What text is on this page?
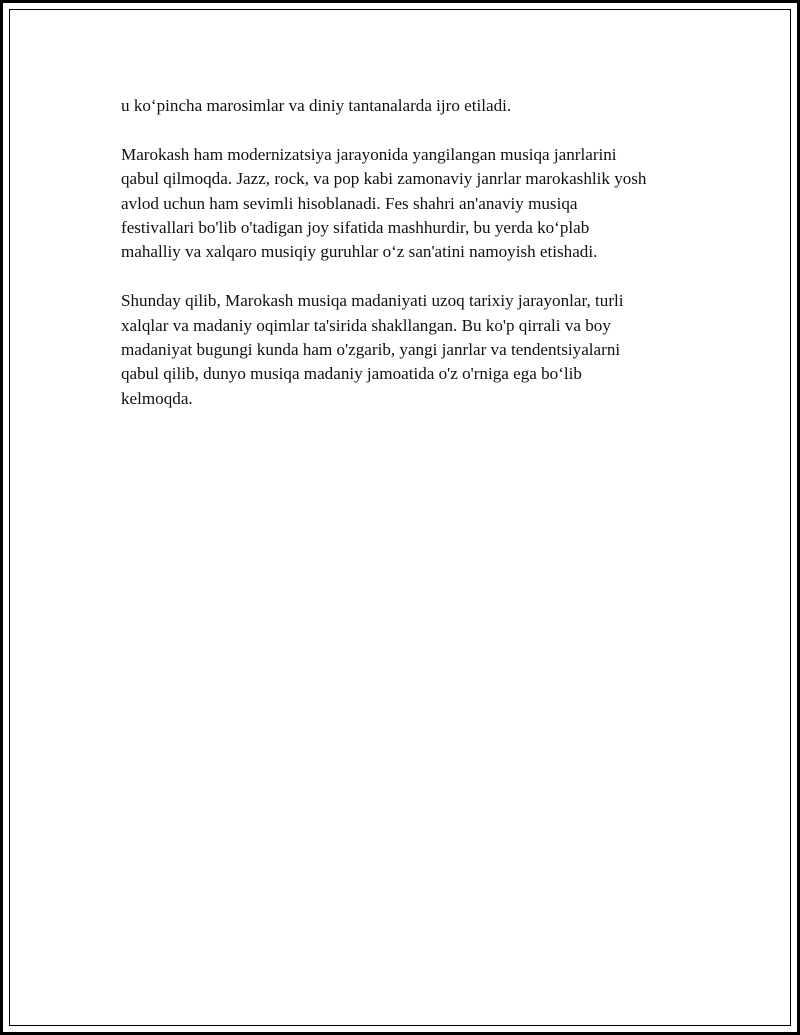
u ko‘pincha marosimlar va diniy tantanalarda ijro etiladi.

Marokash ham modernizatsiya jarayonida yangilangan musiqa janrlarini
qabul qilmoqda. Jazz, rock, va pop kabi zamonaviy janrlar marokashlik yosh
avlod uchun ham sevimli hisoblanadi. Fes shahri an'anaviy musiqa
festivallari bo'lib o'tadigan joy sifatida mashhurdir, bu yerda ko‘plab
mahalliy va xalqaro musiqiy guruhlar o‘z san'atini namoyish etishadi.

Shunday qilib, Marokash musiqa madaniyati uzoq tarixiy jarayonlar, turli
xalqlar va madaniy oqimlar ta'sirida shakllangan. Bu ko'p qirrali va boy
madaniyat bugungi kunda ham o'zgarib, yangi janrlar va tendentsiyalarni
qabul qilib, dunyo musiqa madaniy jamoatida o'z o'rniga ega bo‘lib
kelmoqda.
